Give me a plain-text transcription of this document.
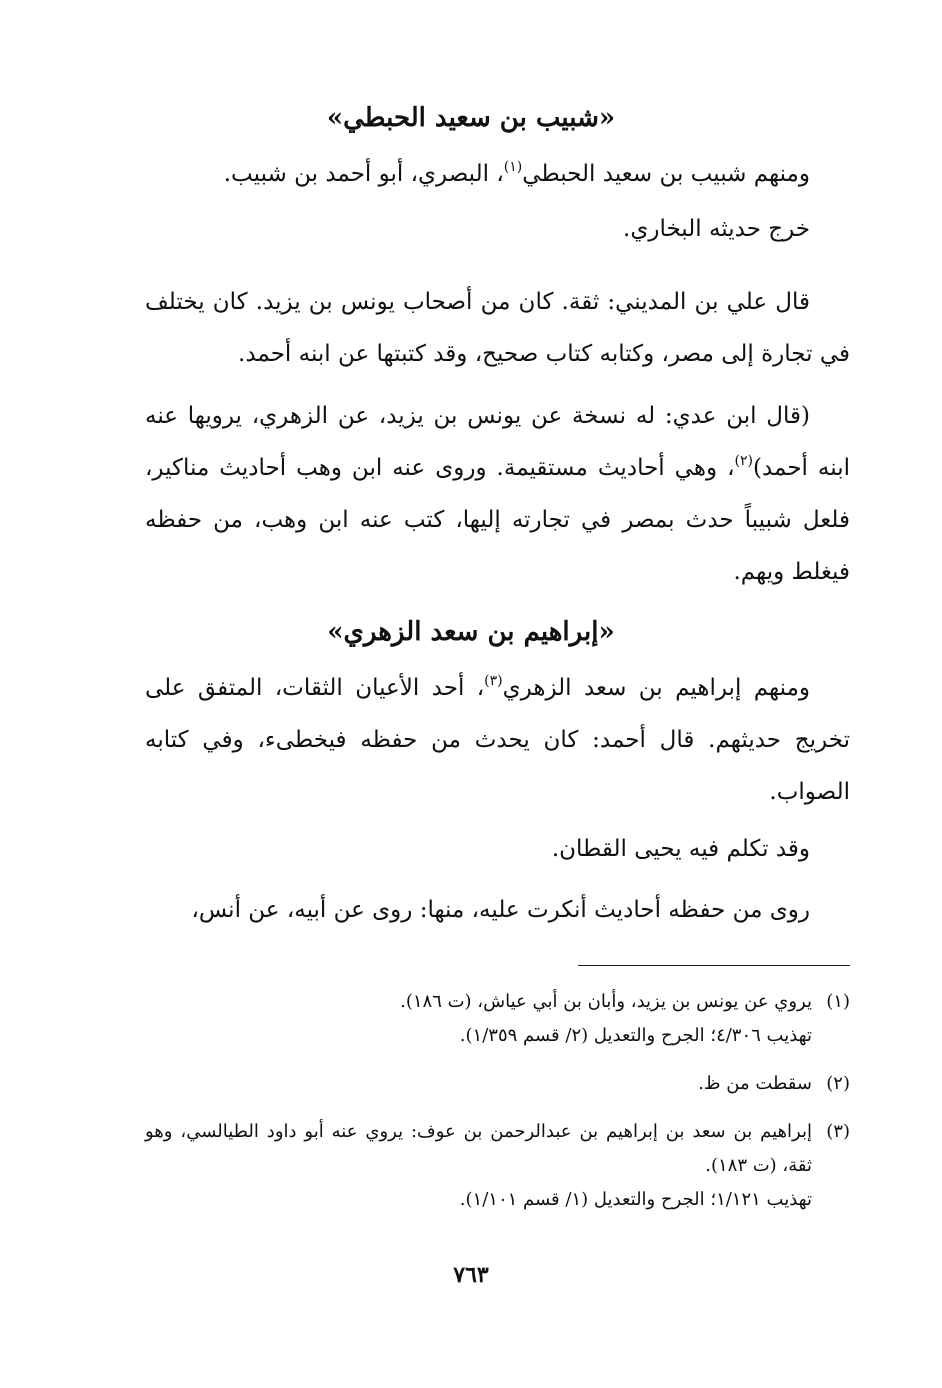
«شبيب بن سعيد الحبطي»

ومنهم شبيب بن سعيد الحبطي$^{(١)}$، البصري، أبو أحمد بن شبيب.

خرج حديثه البخاري.

قال علي بن المديني: ثقة. كان من أصحاب يونس بن يزيد. كان يختلف في تجارة إلى مصر، وكتابه كتاب صحيح، وقد كتبتها عن ابنه أحمد.

(قال ابن عدي: له نسخة عن يونس بن يزيد، عن الزهري، يرويها عنه ابنه أحمد)$^{(٢)}$، وهي أحاديث مستقيمة. وروى عنه ابن وهب أحاديث مناكير، فلعل شبيباً حدث بمصر في تجارته إليها، كتب عنه ابن وهب، من حفظه فيغلط ويهم.

«إبراهيم بن سعد الزهري»

ومنهم إبراهيم بن سعد الزهري$^{(٣)}$، أحد الأعيان الثقات، المتفق على تخريج حديثهم. قال أحمد: كان يحدث من حفظه فيخطىء، وفي كتابه الصواب.

وقد تكلم فيه يحيى القطان.

روى من حفظه أحاديث أنكرت عليه، منها: روى عن أبيه، عن أنس،

(١)
يروي عن يونس بن يزيد، وأبان بن أبي عياش، (ت ١٨٦).
تهذيب ٤/٣٠٦؛ الجرح والتعديل (٢/ قسم ١/٣٥٩).
(٢)
سقطت من ظ.
(٣)
إبراهيم بن سعد بن إبراهيم بن عبدالرحمن بن عوف: يروي عنه أبو داود الطيالسي، وهو ثقة، (ت ١٨٣).
تهذيب ١/١٢١؛ الجرح والتعديل (١/ قسم ١/١٠١).
٧٦٣
